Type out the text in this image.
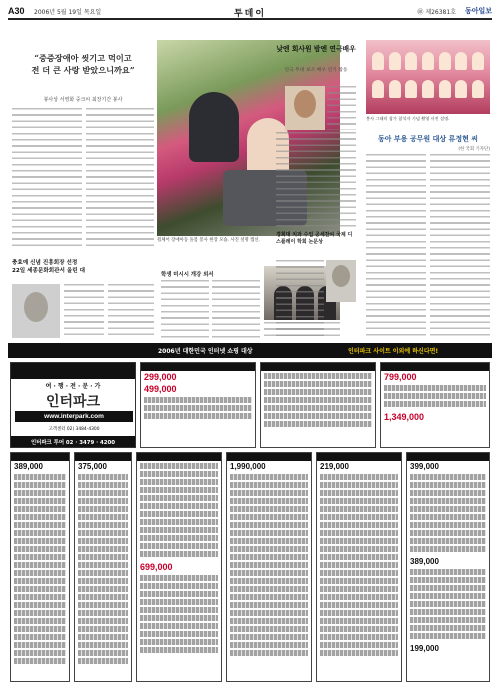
A30 2006년 5월 19일 목요일	투데이	㊞ 제26381호 동아일보
“중증장애아 씻기고 먹이고
전 더 큰 사랑 받았으니까요”
봉사상 서영화 중크씨 최장기간 봉사
휠체어 장애아동 돌봄 봉사 현장 모습. 사진 설명 캡션.
충효예 신념 진흥회장 선정
22일 세종문화회관서 올린 대
학생 미시시 개강 외서
낮엔 회사원 밤엔 연극배우
연극 무대 보조 배우 연기 활동
경희대 치과 수업 공세찬씨 국제 디스플레이 학회 논문상
봉사 그래미 참가 참석자 기념 촬영 사진 설명.
동아 부용 공무원 대상 류정현 씨
(한 국회 기자단)
2006년 대한민국 인터넷 쇼핑 대상	인터파크 사이트 이외에 하신다면!
여 · 행 · 전 · 문 · 가
인터파크
www.interpark.com
고객센터 02) 3484-4300
인터파크 투어 02 · 3479 · 4200
299,000
499,000
799,000
1,349,000
389,000	375,000
699,000
1,990,000	219,000	399,000
389,000
199,000
